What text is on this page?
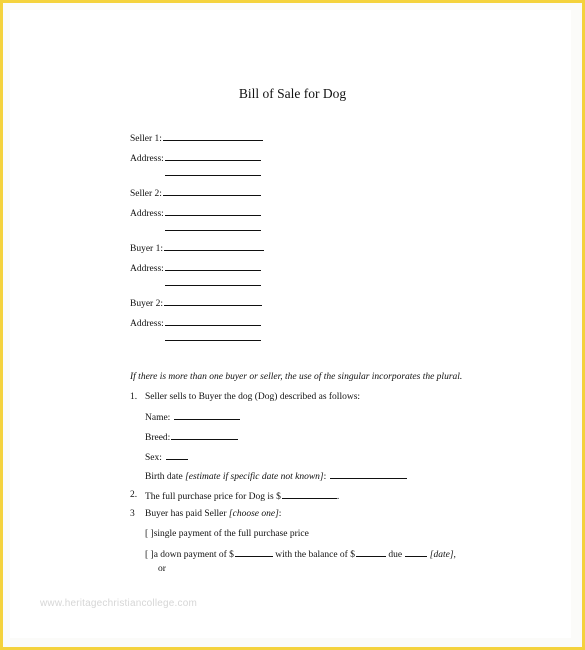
Bill of Sale for Dog
Seller 1:
Address:
Seller 2:
Address:
Buyer 1:
Address:
Buyer 2:
Address:
If there is more than one buyer or seller, the use of the singular incorporates the plural.
1. Seller sells to Buyer the dog (Dog) described as follows:
Name:
Breed:
Sex:
Birth date [estimate if specific date not known]:
2. The full purchase price for Dog is $	.
3 Buyer has paid Seller [choose one]:
[ ]single payment of the full purchase price
[ ]a down payment of $	with the balance of $	due	[date],
or
www.heritagechristiancollege.com
